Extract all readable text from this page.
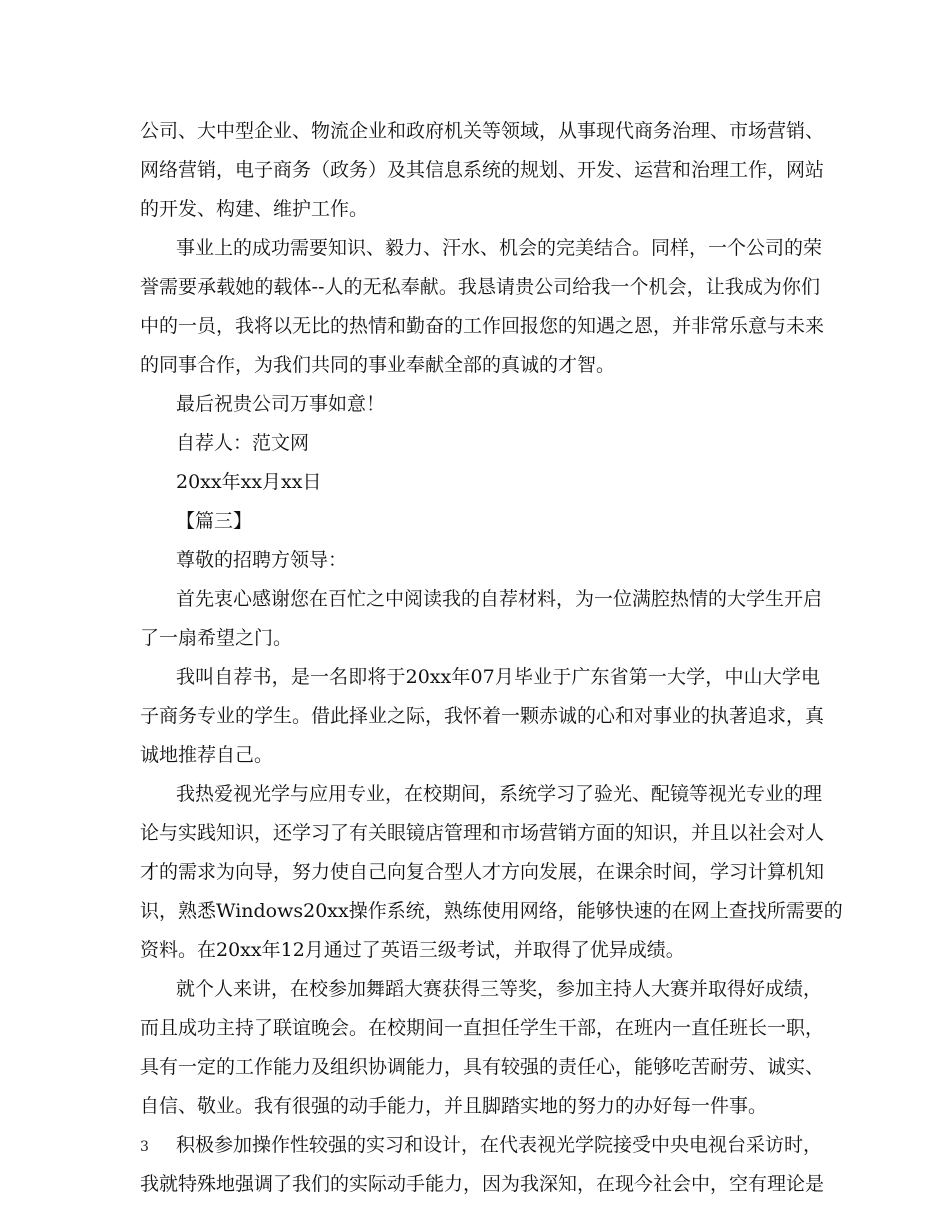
公司、大中型企业、物流企业和政府机关等领域，从事现代商务治理、市场营销、
网络营销，电子商务（政务）及其信息系统的规划、开发、运营和治理工作，网站
的开发、构建、维护工作。
事业上的成功需要知识、毅力、汗水、机会的完美结合。同样，一个公司的荣
誉需要承载她的载体--人的无私奉献。我恳请贵公司给我一个机会，让我成为你们
中的一员，我将以无比的热情和勤奋的工作回报您的知遇之恩，并非常乐意与未来
的同事合作，为我们共同的事业奉献全部的真诚的才智。
最后祝贵公司万事如意！
自荐人：范文网
20xx年xx月xx日
【篇三】
尊敬的招聘方领导：
首先衷心感谢您在百忙之中阅读我的自荐材料，为一位满腔热情的大学生开启
了一扇希望之门。
我叫自荐书，是一名即将于20xx年07月毕业于广东省第一大学，中山大学电
子商务专业的学生。借此择业之际，我怀着一颗赤诚的心和对事业的执著追求，真
诚地推荐自己。
我热爱视光学与应用专业，在校期间，系统学习了验光、配镜等视光专业的理
论与实践知识，还学习了有关眼镜店管理和市场营销方面的知识，并且以社会对人
才的需求为向导，努力使自己向复合型人才方向发展，在课余时间，学习计算机知
识，熟悉Windows20xx操作系统，熟练使用网络，能够快速的在网上查找所需要的
资料。在20xx年12月通过了英语三级考试，并取得了优异成绩。
就个人来讲，在校参加舞蹈大赛获得三等奖，参加主持人大赛并取得好成绩，
而且成功主持了联谊晚会。在校期间一直担任学生干部，在班内一直任班长一职，
具有一定的工作能力及组织协调能力，具有较强的责任心，能够吃苦耐劳、诚实、
自信、敬业。我有很强的动手能力，并且脚踏实地的努力的办好每一件事。
积极参加操作性较强的实习和设计，在代表视光学院接受中央电视台采访时，
我就特殊地强调了我们的实际动手能力，因为我深知，在现今社会中，空有理论是
3
